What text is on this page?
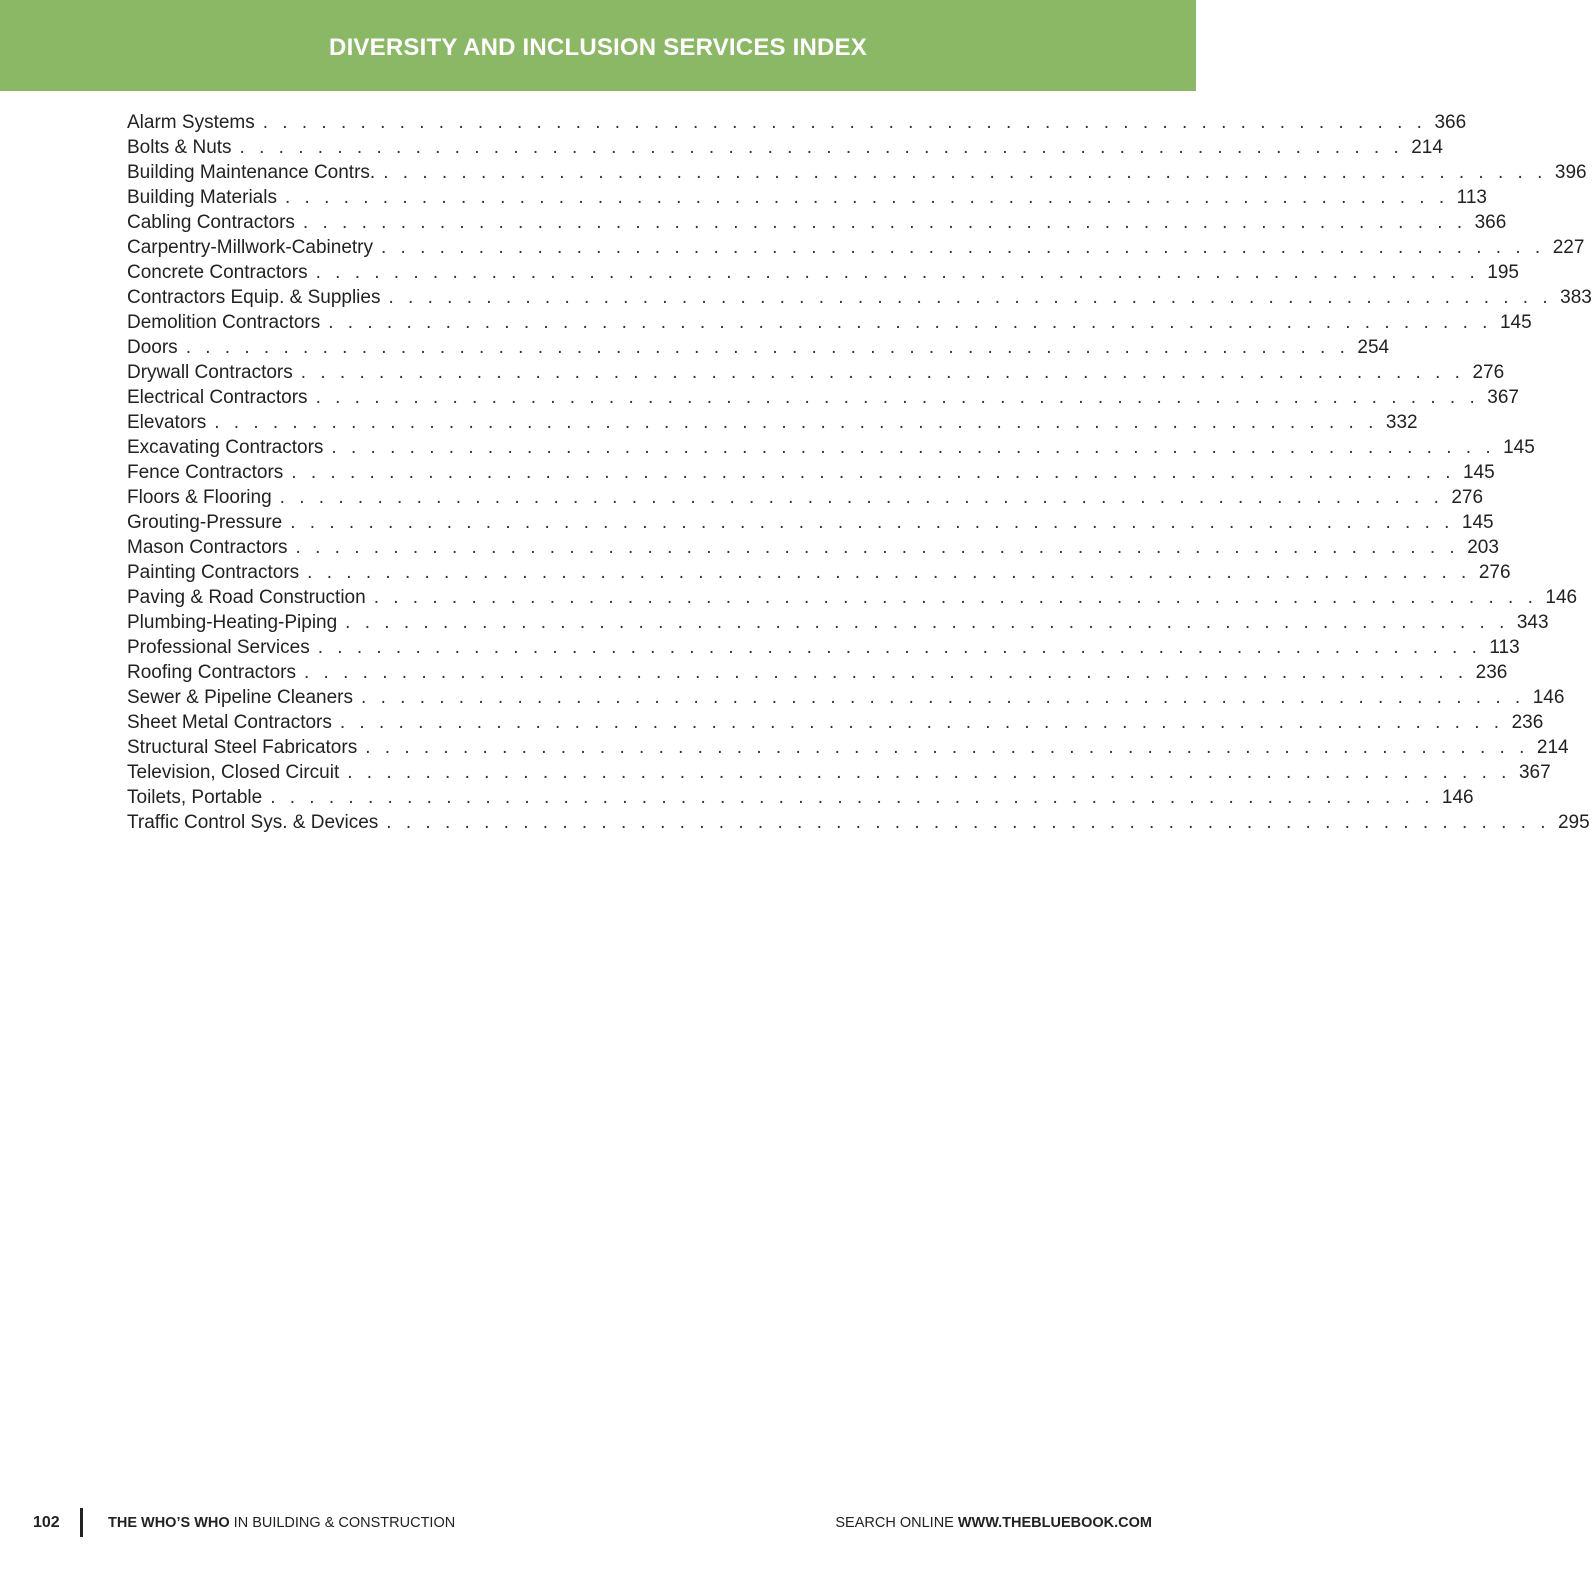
DIVERSITY AND INCLUSION SERVICES INDEX
Alarm Systems . . . . . . . . . . . . . . . . . . . . . . . . . . . . . . . . . . . . . . . . . . . . . . . . . . . . . . . . . . . . 366
Bolts & Nuts . . . . . . . . . . . . . . . . . . . . . . . . . . . . . . . . . . . . . . . . . . . . . . . . . . . . . . . . . . . . 214
Building Maintenance Contrs. . . . . . . . . . . . . . . . . . . . . . . . . . . . . . . . . . . . . . . . . . . . . . . . . . . . . . . . . . . . . 396
Building Materials . . . . . . . . . . . . . . . . . . . . . . . . . . . . . . . . . . . . . . . . . . . . . . . . . . . . . . . . . . . . 113
Cabling Contractors . . . . . . . . . . . . . . . . . . . . . . . . . . . . . . . . . . . . . . . . . . . . . . . . . . . . . . . . . . . . 366
Carpentry-Millwork-Cabinetry . . . . . . . . . . . . . . . . . . . . . . . . . . . . . . . . . . . . . . . . . . . . . . . . . . . . . . . . . . . . 227
Concrete Contractors . . . . . . . . . . . . . . . . . . . . . . . . . . . . . . . . . . . . . . . . . . . . . . . . . . . . . . . . . . . . 195
Contractors Equip. & Supplies . . . . . . . . . . . . . . . . . . . . . . . . . . . . . . . . . . . . . . . . . . . . . . . . . . . . . . . . . . . . 383
Demolition Contractors . . . . . . . . . . . . . . . . . . . . . . . . . . . . . . . . . . . . . . . . . . . . . . . . . . . . . . . . . . . . 145
Doors . . . . . . . . . . . . . . . . . . . . . . . . . . . . . . . . . . . . . . . . . . . . . . . . . . . . . . . . . . . . 254
Drywall Contractors . . . . . . . . . . . . . . . . . . . . . . . . . . . . . . . . . . . . . . . . . . . . . . . . . . . . . . . . . . . . 276
Electrical Contractors . . . . . . . . . . . . . . . . . . . . . . . . . . . . . . . . . . . . . . . . . . . . . . . . . . . . . . . . . . . . 367
Elevators . . . . . . . . . . . . . . . . . . . . . . . . . . . . . . . . . . . . . . . . . . . . . . . . . . . . . . . . . . . . 332
Excavating Contractors . . . . . . . . . . . . . . . . . . . . . . . . . . . . . . . . . . . . . . . . . . . . . . . . . . . . . . . . . . . . 145
Fence Contractors . . . . . . . . . . . . . . . . . . . . . . . . . . . . . . . . . . . . . . . . . . . . . . . . . . . . . . . . . . . . 145
Floors & Flooring . . . . . . . . . . . . . . . . . . . . . . . . . . . . . . . . . . . . . . . . . . . . . . . . . . . . . . . . . . . . 276
Grouting-Pressure . . . . . . . . . . . . . . . . . . . . . . . . . . . . . . . . . . . . . . . . . . . . . . . . . . . . . . . . . . . . 145
Mason Contractors . . . . . . . . . . . . . . . . . . . . . . . . . . . . . . . . . . . . . . . . . . . . . . . . . . . . . . . . . . . . 203
Painting Contractors . . . . . . . . . . . . . . . . . . . . . . . . . . . . . . . . . . . . . . . . . . . . . . . . . . . . . . . . . . . . 276
Paving & Road Construction . . . . . . . . . . . . . . . . . . . . . . . . . . . . . . . . . . . . . . . . . . . . . . . . . . . . . . . . . . . . 146
Plumbing-Heating-Piping . . . . . . . . . . . . . . . . . . . . . . . . . . . . . . . . . . . . . . . . . . . . . . . . . . . . . . . . . . . . 343
Professional Services . . . . . . . . . . . . . . . . . . . . . . . . . . . . . . . . . . . . . . . . . . . . . . . . . . . . . . . . . . . . 113
Roofing Contractors . . . . . . . . . . . . . . . . . . . . . . . . . . . . . . . . . . . . . . . . . . . . . . . . . . . . . . . . . . . . 236
Sewer & Pipeline Cleaners . . . . . . . . . . . . . . . . . . . . . . . . . . . . . . . . . . . . . . . . . . . . . . . . . . . . . . . . . . . . 146
Sheet Metal Contractors . . . . . . . . . . . . . . . . . . . . . . . . . . . . . . . . . . . . . . . . . . . . . . . . . . . . . . . . . . . . 236
Structural Steel Fabricators . . . . . . . . . . . . . . . . . . . . . . . . . . . . . . . . . . . . . . . . . . . . . . . . . . . . . . . . . . . . 214
Television, Closed Circuit . . . . . . . . . . . . . . . . . . . . . . . . . . . . . . . . . . . . . . . . . . . . . . . . . . . . . . . . . . . . 367
Toilets, Portable . . . . . . . . . . . . . . . . . . . . . . . . . . . . . . . . . . . . . . . . . . . . . . . . . . . . . . . . . . . . 146
Traffic Control Sys. & Devices . . . . . . . . . . . . . . . . . . . . . . . . . . . . . . . . . . . . . . . . . . . . . . . . . . . . . . . . . . . . 295
102	THE WHO’S WHO IN BUILDING & CONSTRUCTION	SEARCH ONLINE WWW.THEBLUEBOOK.COM
